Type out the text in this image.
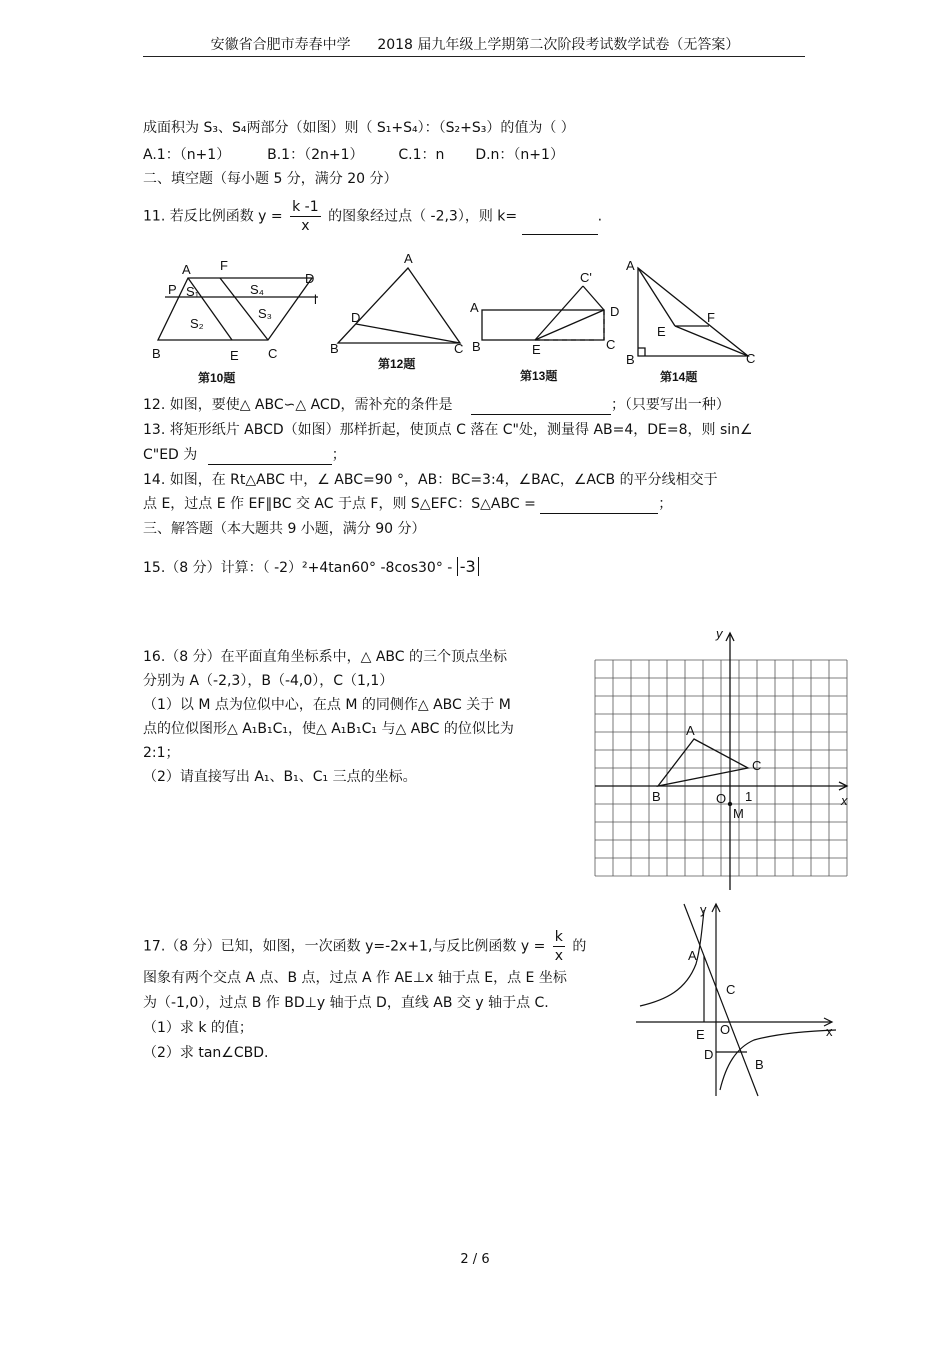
安徽省合肥市寿春中学 2018 届九年级上学期第二次阶段考试数学试卷（无答案）
成面积为 S₃、S₄两部分（如图）则（ S₁+S₄）：（S₂+S₃）的值为（ ）
A.1：（n+1）	B.1：（2n+1） C.1：n D.n：（n+1）
二、填空题（每小题 5 分，满分 20 分）
11. 若反比例函数 $y = \frac{k -1}{x}$ 的图象经过点（ -2,3），则 k=	.
A F
D
P S₁	S₄
l
S₂
S₃
B	E C
A
D
B	C
A
B	E	C
D
C'
A
E
F
B	C
第10题
第12题
第13题	第14题
12. 如图，要使△ ABC∽△ ACD，需补充的条件是	；（只要写出一种）
13. 将矩形纸片 ABCD（如图）那样折起，使顶点 C 落在 C"处，测量得 AB=4，DE=8，则 sin∠
C"ED 为	；
14. 如图，在 Rt△ABC 中，∠ ABC=90 °，AB：BC=3:4，∠BAC，∠ACB 的平分线相交于
点 E，过点 E 作 EF∥BC 交 AC 于点 F，则 S△EFC：S△ABC =	；
三、解答题（本大题共 9 小题，满分 90 分）
15.（8 分）计算：（ -2）²+4tan60° -8cos30° - -3
16.（8 分）在平面直角坐标系中，△ ABC 的三个顶点坐标
分别为 A（-2,3），B（-4,0），C（1,1）
（1）以 M 点为位似中心，在点 M 的同侧作△ ABC 关于 M
点的位似图形△ A₁B₁C₁，使△ A₁B₁C₁ 与△ ABC 的位似比为
2:1；
（2）请直接写出 A₁、B₁、C₁ 三点的坐标。
y
x
A
B
C
O 1
M
17.（8 分）已知，如图，一次函数 y=-2x+1,与反比例函数 $y = \frac{k}{x}$ 的
图象有两个交点 A 点、B 点，过点 A 作 AE⊥x 轴于点 E，点 E 坐标
为（-1,0），过点 B 作 BD⊥y 轴于点 D，直线 AB 交 y 轴于点 C.
（1）求 k 的值；
（2）求 tan∠CBD.
y
x
A
C
E O
D
B
2 / 6
